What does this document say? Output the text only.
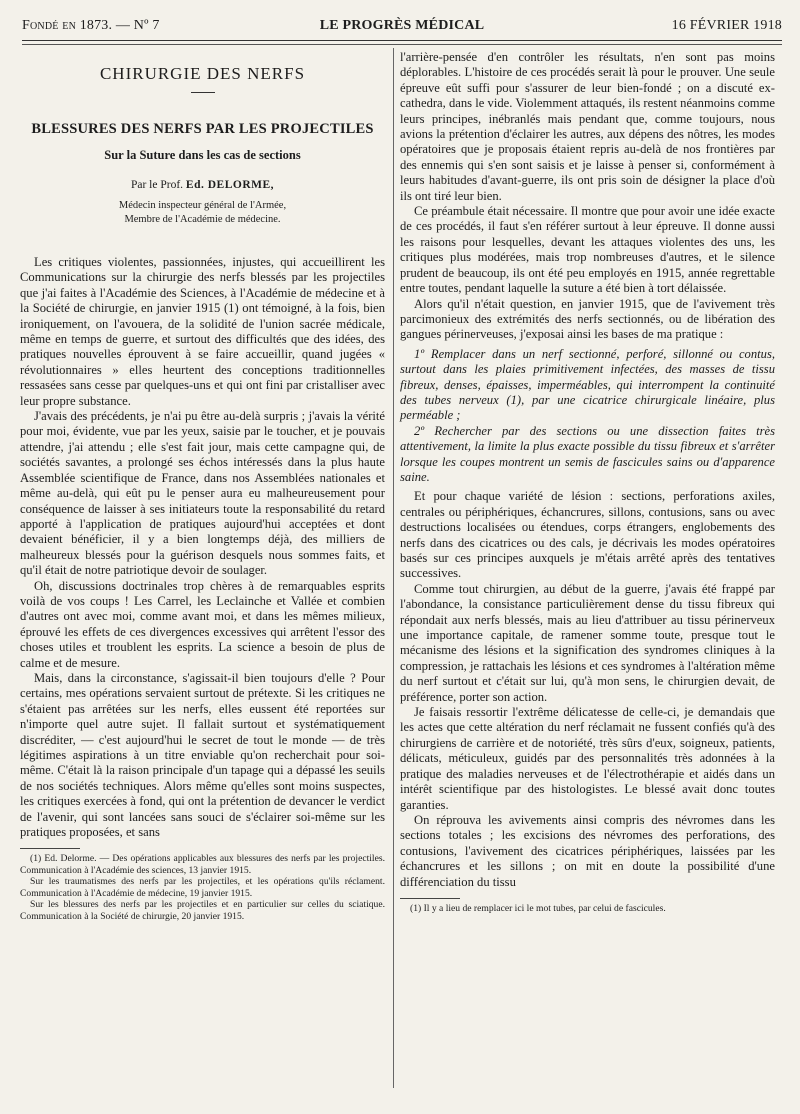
Fondé en 1873. — Nº 7	LE PROGRÈS MÉDICAL	16 FÉVRIER 1918
CHIRURGIE DES NERFS
BLESSURES DES NERFS PAR LES PROJECTILES
Sur la Suture dans les cas de sections
Par le Prof. Ed. DELORME,
Médecin inspecteur général de l'Armée,
Membre de l'Académie de médecine.

Les critiques violentes, passionnées, injustes, qui accueillirent les Communications sur la chirurgie des nerfs blessés par les projectiles que j'ai faites à l'Académie des Sciences, à l'Académie de médecine et à la Société de chirurgie, en janvier 1915 (1) ont témoigné, à la fois, bien ironiquement, on l'avouera, de la solidité de l'union sacrée médicale, même en temps de guerre, et surtout des difficultés que des idées, des pratiques nouvelles éprouvent à se faire accueillir, quand jugées « révolutionnaires » elles heurtent des conceptions traditionnelles ressasées sans cesse par quelques-uns et qui ont fini par cristalliser avec leur propre substance.

J'avais des précédents, je n'ai pu être au-delà surpris ; j'avais la vérité pour moi, évidente, vue par les yeux, saisie par le toucher, et je pouvais attendre, j'ai attendu ; elle s'est fait jour, mais cette campagne qui, de sociétés savantes, a prolongé ses échos intéressés dans la plus haute Assemblée scientifique de France, dans nos Assemblées nationales et même au-delà, qui eût pu le penser aura eu malheureusement pour conséquence de laisser à ses initiateurs toute la responsabilité du retard apporté à l'application de pratiques aujourd'hui acceptées et dont devaient bénéficier, il y a bien longtemps déjà, des milliers de malheureux blessés pour la guérison desquels nous sommes faits, et qu'il était de notre patriotique devoir de soulager.

Oh, discussions doctrinales trop chères à de remarquables esprits voilà de vos coups ! Les Carrel, les Leclainche et Vallée et combien d'autres ont avec moi, comme avant moi, et dans les mêmes milieux, éprouvé les effets de ces divergences excessives qui arrêtent l'essor des choses utiles et troublent les esprits. La science a besoin de plus de calme et de mesure.

Mais, dans la circonstance, s'agissait-il bien toujours d'elle ? Pour certains, mes opérations servaient surtout de prétexte. Si les critiques ne s'étaient pas arrêtées sur les nerfs, elles eussent été reportées sur n'importe quel autre sujet. Il fallait surtout et systématiquement discréditer, — c'est aujourd'hui le secret de tout le monde — de très légitimes aspirations à un titre enviable qu'on recherchait pour soi-même. C'était là la raison principale d'un tapage qui a dépassé les seuils de nos sociétés techniques. Alors même qu'elles sont moins suspectes, les critiques exercées à fond, qui ont la prétention de devancer le verdict de l'avenir, qui sont lancées sans souci de s'éclairer soi-même sur les pratiques proposées, et sans

(1) Ed. Delorme. — Des opérations applicables aux blessures des nerfs par les projectiles. Communication à l'Académie des sciences, 13 janvier 1915.

Sur les traumatismes des nerfs par les projectiles, et les opérations qu'ils réclament. Communication à l'Académie de médecine, 19 janvier 1915.

Sur les blessures des nerfs par les projectiles et en particulier sur celles du sciatique. Communication à la Société de chirurgie, 20 janvier 1915.

l'arrière-pensée d'en contrôler les résultats, n'en sont pas moins déplorables. L'histoire de ces procédés serait là pour le prouver. Une seule épreuve eût suffi pour s'assurer de leur bien-fondé ; on a discuté ex-cathedra, dans le vide. Violemment attaqués, ils restent néanmoins comme leurs principes, inébranlés mais pendant que, comme toujours, nous avions la prétention d'éclairer les autres, aux dépens des nôtres, les modes opératoires que je proposais étaient repris au-delà de nos frontières par des ennemis qui s'en sont saisis et je laisse à penser si, conformément à leurs habitudes d'avant-guerre, ils ont pris soin de désigner la place d'où ils ont tiré leur bien.

Ce préambule était nécessaire. Il montre que pour avoir une idée exacte de ces procédés, il faut s'en référer surtout à leur épreuve. Il donne aussi les raisons pour lesquelles, devant les attaques violentes des uns, les critiques plus modérées, mais trop nombreuses d'autres, et le silence prudent de beaucoup, ils ont été peu employés en 1915, année regrettable entre toutes, pendant laquelle la suture a été bien à tort délaissée.

Alors qu'il n'était question, en janvier 1915, que de l'avivement très parcimonieux des extrémités des nerfs sectionnés, ou de libération des gangues périnerveuses, j'exposai ainsi les bases de ma pratique :

1º Remplacer dans un nerf sectionné, perforé, sillonné ou contus, surtout dans les plaies primitivement infectées, des masses de tissu fibreux, denses, épaisses, imperméables, qui interrompent la continuité des tubes nerveux (1), par une cicatrice chirurgicale linéaire, plus perméable ;

2º Rechercher par des sections ou une dissection faites très attentivement, la limite la plus exacte possible du tissu fibreux et s'arrêter lorsque les coupes montrent un semis de fascicules sains ou d'apparence saine.

Et pour chaque variété de lésion : sections, perforations axiles, centrales ou périphériques, échancrures, sillons, contusions, sans ou avec destructions localisées ou étendues, corps étrangers, englobements des nerfs dans des cicatrices ou des cals, je décrivais les modes opératoires basés sur ces principes auxquels je m'étais arrêté après des tentatives successives.

Comme tout chirurgien, au début de la guerre, j'avais été frappé par l'abondance, la consistance particulièrement dense du tissu fibreux qui répondait aux nerfs blessés, mais au lieu d'attribuer au tissu périnerveux une importance capitale, de ramener somme toute, presque tout le mécanisme des lésions et la signification des syndromes cliniques à la compression, je rattachais les lésions et ces syndromes à l'altération même du nerf surtout et c'était sur lui, qu'à mon sens, le chirurgien devait, de préférence, porter son action.

Je faisais ressortir l'extrême délicatesse de celle-ci, je demandais que les actes que cette altération du nerf réclamait ne fussent confiés qu'à des chirurgiens de carrière et de notoriété, très sûrs d'eux, soigneux, patients, délicats, méticuleux, guidés par des personnalités très adonnées à la pratique des maladies nerveuses et de l'électrothérapie et aidés dans un intérêt scientifique par des histologistes. Le blessé avait donc toutes garanties.

On réprouva les avivements ainsi compris des névromes dans les sections totales ; les excisions des névromes des perforations, des contusions, l'avivement des cicatrices périphériques, laissées par les échancrures et les sillons ; on mit en doute la possibilité d'une différenciation du tissu

(1) Il y a lieu de remplacer ici le mot tubes, par celui de fascicules.
